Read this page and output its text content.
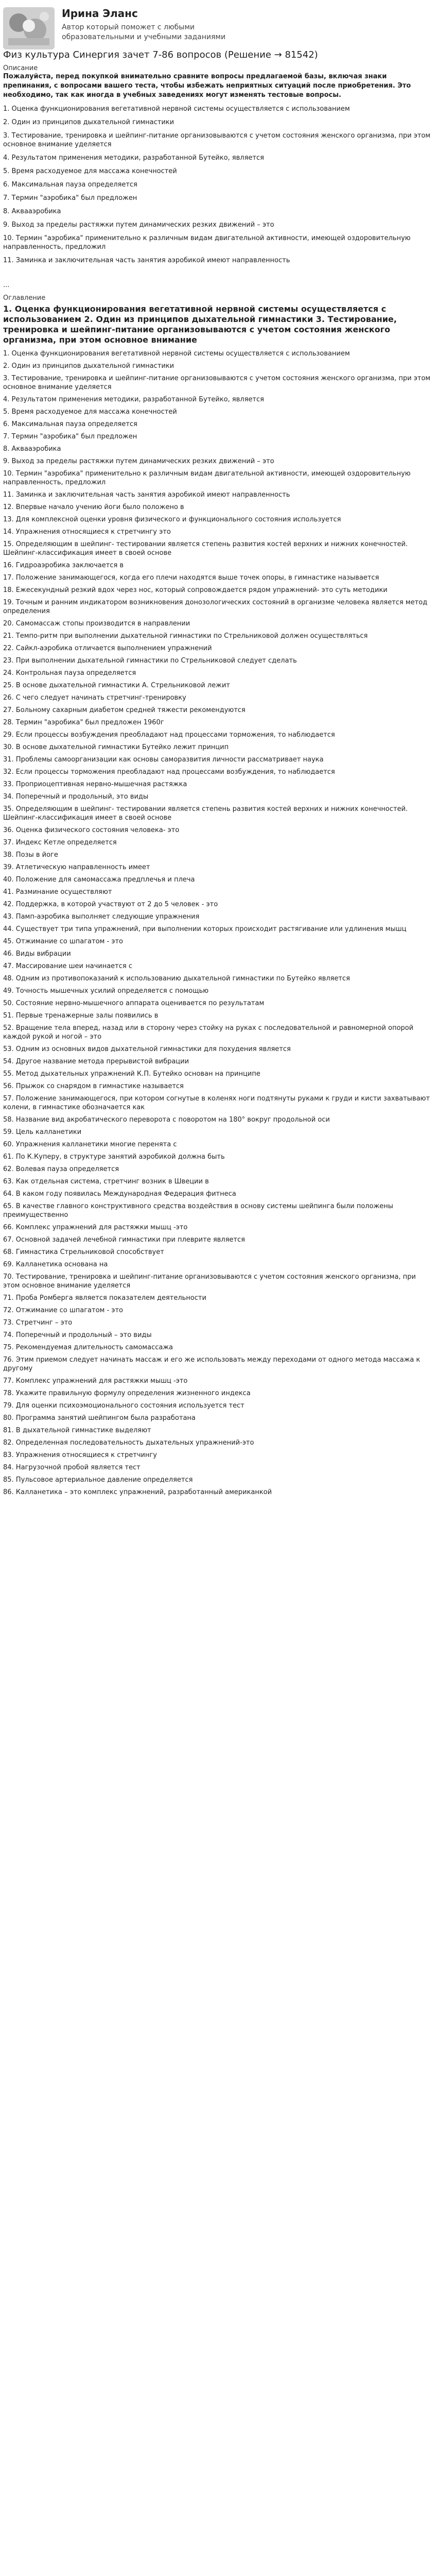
Ирина Эланс
Автор который поможет с любыми образовательными и учебными заданиями
Физ культура Синергия зачет 7-86 вопросов (Решение → 81542)
Описание
Пожалуйста, перед покупкой внимательно сравните вопросы предлагаемой базы, включая знаки препинания, с вопросами вашего теста, чтобы избежать неприятных ситуаций после приобретения. Это необходимо, так как иногда в учебных заведениях могут изменять тестовые вопросы.
1. Оценка функционирования вегетативной нервной системы осуществляется с использованием
2. Один из принципов дыхательной гимнастики
3. Тестирование, тренировка и шейпинг-питание организовываются с учетом состояния женского организма, при этом основное внимание уделяется
4. Результатом применения методики, разработанной Бутейко, является
5. Время расходуемое для массажа конечностей
6. Максимальная пауза определяется
7. Термин "аэробика" был предложен
8. Аквааэробика
9. Выход за пределы растяжки путем динамических резких движений – это
10. Термин "аэробика" применительно к различным видам двигательной активности, имеющей оздоровительную направленность, предложил
11. Заминка и заключительная часть занятия аэробикой имеют направленность
...
Оглавление
1. Оценка функционирования вегетативной нервной системы осуществляется с использованием 2. Один из принципов дыхательной гимнастики 3. Тестирование, тренировка и шейпинг-питание организовываются с учетом состояния женского организма, при этом основное внимание
1. Оценка функционирования вегетативной нервной системы осуществляется с использованием
2. Один из принципов дыхательной гимнастики
3. Тестирование, тренировка и шейпинг-питание организовываются с учетом состояния женского организма, при этом основное внимание уделяется
4. Результатом применения методики, разработанной Бутейко, является
5. Время расходуемое для массажа конечностей
6. Максимальная пауза определяется
7. Термин "аэробика" был предложен
8. Аквааэробика
9. Выход за пределы растяжки путем динамических резких движений – это
10. Термин "аэробика" применительно к различным видам двигательной активности, имеющей оздоровительную направленность, предложил
11. Заминка и заключительная часть занятия аэробикой имеют направленность
12. Впервые начало учению йоги было положено в
13. Для комплексной оценки уровня физического и функционального состояния используется
14. Упражнения относящиеся к стретчингу это
15. Определяющим в шейпинг- тестировании является степень развития костей верхних и нижних конечностей. Шейпинг-классификация имеет в своей основе
16. Гидроаэробика заключается в
17. Положение занимающегося, когда его плечи находятся выше точек опоры, в гимнастике называется
18. Ежесекундный резкий вдох через нос, который сопровождается рядом упражнений- это суть методики
19. Точным и ранним индикатором возникновения донозологических состояний в организме человека является метод определения
20. Самомассаж стопы производится в направлении
21. Темпо-ритм при выполнении дыхательной гимнастики по Стрельниковой должен осуществляться
22. Сайкл-аэробика отличается выполнением упражнений
23. При выполнении дыхательной гимнастики по Стрельниковой следует сделать
24. Контрольная пауза определяется
25. В основе дыхательной гимнастики А. Стрельниковой лежит
26. С чего следует начинать стретчинг-тренировку
27. Больному сахарным диабетом средней тяжести рекомендуются
28. Термин "аэробика" был предложен 1960г
29. Если процессы возбуждения преобладают над процессами торможения, то наблюдается
30. В основе дыхательной гимнастики Бутейко лежит принцип
31. Проблемы самоорганизации как основы саморазвития личности рассматривает наука
32. Если процессы торможения преобладают над процессами возбуждения, то наблюдается
33. Проприоцептивная нервно-мышечная растяжка
34. Поперечный и продольный, это виды
35. Определяющим в шейпинг- тестировании является степень развития костей верхних и нижних конечностей. Шейпинг-классификация имеет в своей основе
36. Оценка физического состояния человека- это
37. Индекс Кетле определяется
38. Позы в йоге
39. Атлетическую направленность имеет
40. Положение для самомассажа предплечья и плеча
41. Разминание осуществляют
42. Поддержка, в которой участвуют от 2 до 5 человек - это
43. Памп-аэробика выполняет следующие упражнения
44. Существует три типа упражнений, при выполнении которых происходит растягивание или удлинения мышц
45. Отжимание со шпагатом - это
46. Виды вибрации
47. Массирование шеи начинается с
48. Одним из противопоказаний к использованию дыхательной гимнастики по Бутейко является
49. Точность мышечных усилий определяется с помощью
50. Состояние нервно-мышечного аппарата оценивается по результатам
51. Первые тренажерные залы появились в
52. Вращение тела вперед, назад или в сторону через стойку на руках с последовательной и равномерной опорой каждой рукой и ногой – это
53. Одним из основных видов дыхательной гимнастики для похудения является
54. Другое название метода прерывистой вибрации
55. Метод дыхательных упражнений К.П. Бутейко основан на принципе
56. Прыжок со снарядом в гимнастике называется
57. Положение занимающегося, при котором согнутые в коленях ноги подтянуты руками к груди и кисти захватывают колени, в гимнастике обозначается как
58. Название вид акробатического переворота с поворотом на 180° вокруг продольной оси
59. Цель калланетики
60. Упражнения калланетики многие перенята с
61. По К.Куперу, в структуре занятий аэробикой должна быть
62. Волевая пауза определяется
63. Как отдельная система, стретчинг возник в Швеции в
64. В каком году появилась Международная Федерация фитнеса
65. В качестве главного конструктивного средства воздействия в основу системы шейпинга были положены преимущественно
66. Комплекс упражнений для растяжки мышц -это
67. Основной задачей лечебной гимнастики при плеврите является
68. Гимнастика Стрельниковой способствует
69. Калланетика основана на
70. Тестирование, тренировка и шейпинг-питание организовываются с учетом состояния женского организма, при этом основное внимание уделяется
71. Проба Ромберга является показателем деятельности
72. Отжимание со шпагатом - это
73. Стретчинг – это
74. Поперечный и продольный – это виды
75. Рекомендуемая длительность самомассажа
76. Этим приемом следует начинать массаж и его же использовать между переходами от одного метода массажа к другому
77. Комплекс упражнений для растяжки мышц -это
78. Укажите правильную формулу определения жизненного индекса
79. Для оценки психоэмоционального состояния используется тест
80. Программа занятий шейпингом была разработана
81. В дыхательной гимнастике выделяют
82. Определенная последовательность дыхательных упражнений-это
83. Упражнения относящиеся к стретчингу
84. Нагрузочной пробой является тест
85. Пульсовое артериальное давление определяется
86. Калланетика – это комплекс упражнений, разработанный американкой
